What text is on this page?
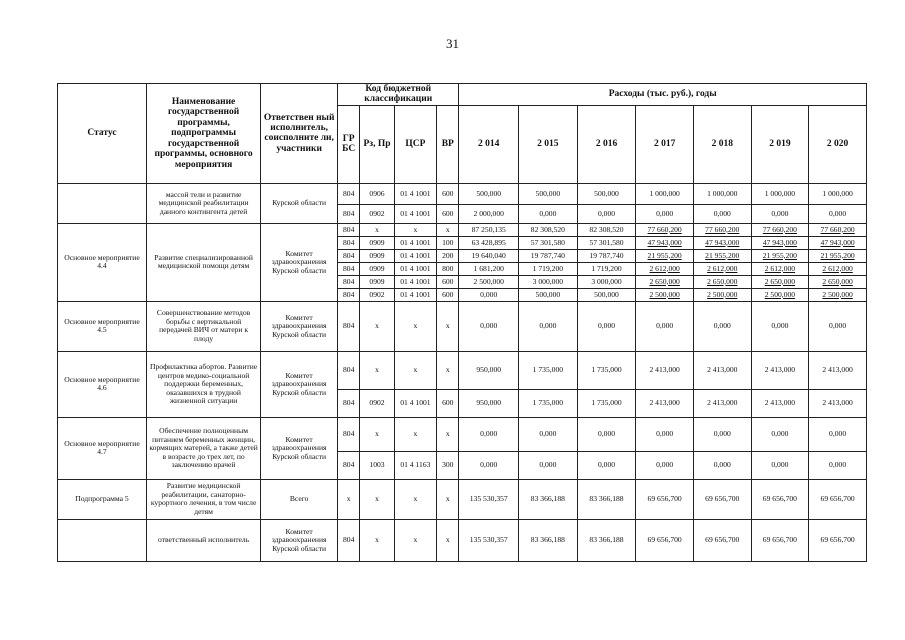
31
Статус	Наименование государственной программы, подпрограммы государственной программы, основного мероприятия	Ответствен ный исполнитель, соисполните ли, участники	Код бюджетной классификации				Расходы (тыс. руб.), годы						
			ГР БС	Рз, Пр	ЦСР	ВР	2 014	2 015	2 016	2 017	2 018	2 019	2 020
	массой тели и развитие медицинской реабилитации данного контингента детей	Курской области	804	0906	01 4 1001	600	500,000	500,000	500,000	1 000,000	1 000,000	1 000,000	1 000,000
			804	0902	01 4 1001	600	2 000,000	0,000	0,000	0,000	0,000	0,000	0,000
Основное мероприятие 4.4	Развитие специализированной медицинской помощи детям	Комитет здравоохранения Курской области	804	x	x	x	87 250,135	82 308,520	82 308,520	77 660,200	77 660,200	77 660,200	77 660,200
			804	0909	01 4 1001	100	63 428,895	57 301,580	57 301,580	47 943,000	47 943,000	47 943,000	47 943,000
			804	0909	01 4 1001	200	19 640,040	19 787,740	19 787,740	21 955,200	21 955,200	21 955,200	21 955,200
			804	0909	01 4 1001	800	1 681,200	1 719,200	1 719,200	2 612,000	2 612,000	2 612,000	2 612,000
			804	0909	01 4 1001	600	2 500,000	3 000,000	3 000,000	2 650,000	2 650,000	2 650,000	2 650,000
			804	0902	01 4 1001	600	0,000	500,000	500,000	2 500,000	2 500,000	2 500,000	2 500,000
Основное мероприятие 4.5	Совершенствование методов борьбы с вертикальной передачей ВИЧ от матери к плоду	Комитет здравоохранения Курской области	804	x	x	x	0,000	0,000	0,000	0,000	0,000	0,000	0,000
Основное мероприятие 4.6	Профилактика абортов. Развитие центров медико-социальной поддержки беременных, оказавшихся в трудной жизненной ситуации	Комитет здравоохранения Курской области	804	x	x	x	950,000	1 735,000	1 735,000	2 413,000	2 413,000	2 413,000	2 413,000
			804	0902	01 4 1001	600	950,000	1 735,000	1 735,000	2 413,000	2 413,000	2 413,000	2 413,000
Основное мероприятие 4.7	Обеспечение полноценным питанием беременных женщин, кормящих матерей, а также детей в возрасте до трех лет, по заключению врачей	Комитет здравоохранения Курской области	804	x	x	x	0,000	0,000	0,000	0,000	0,000	0,000	0,000
			804	1003	01 4 1163	300	0,000	0,000	0,000	0,000	0,000	0,000	0,000
Подпрограмма 5	Развитие медицинской реабилитации, санаторно-курортного лечения, в том числе детям	Всего	x	x	x	x	135 530,357	83 366,188	83 366,188	69 656,700	69 656,700	69 656,700	69 656,700
	ответственный исполнитель	Комитет здравоохранения Курской области	804	x	x	x	135 530,357	83 366,188	83 366,188	69 656,700	69 656,700	69 656,700	69 656,700
